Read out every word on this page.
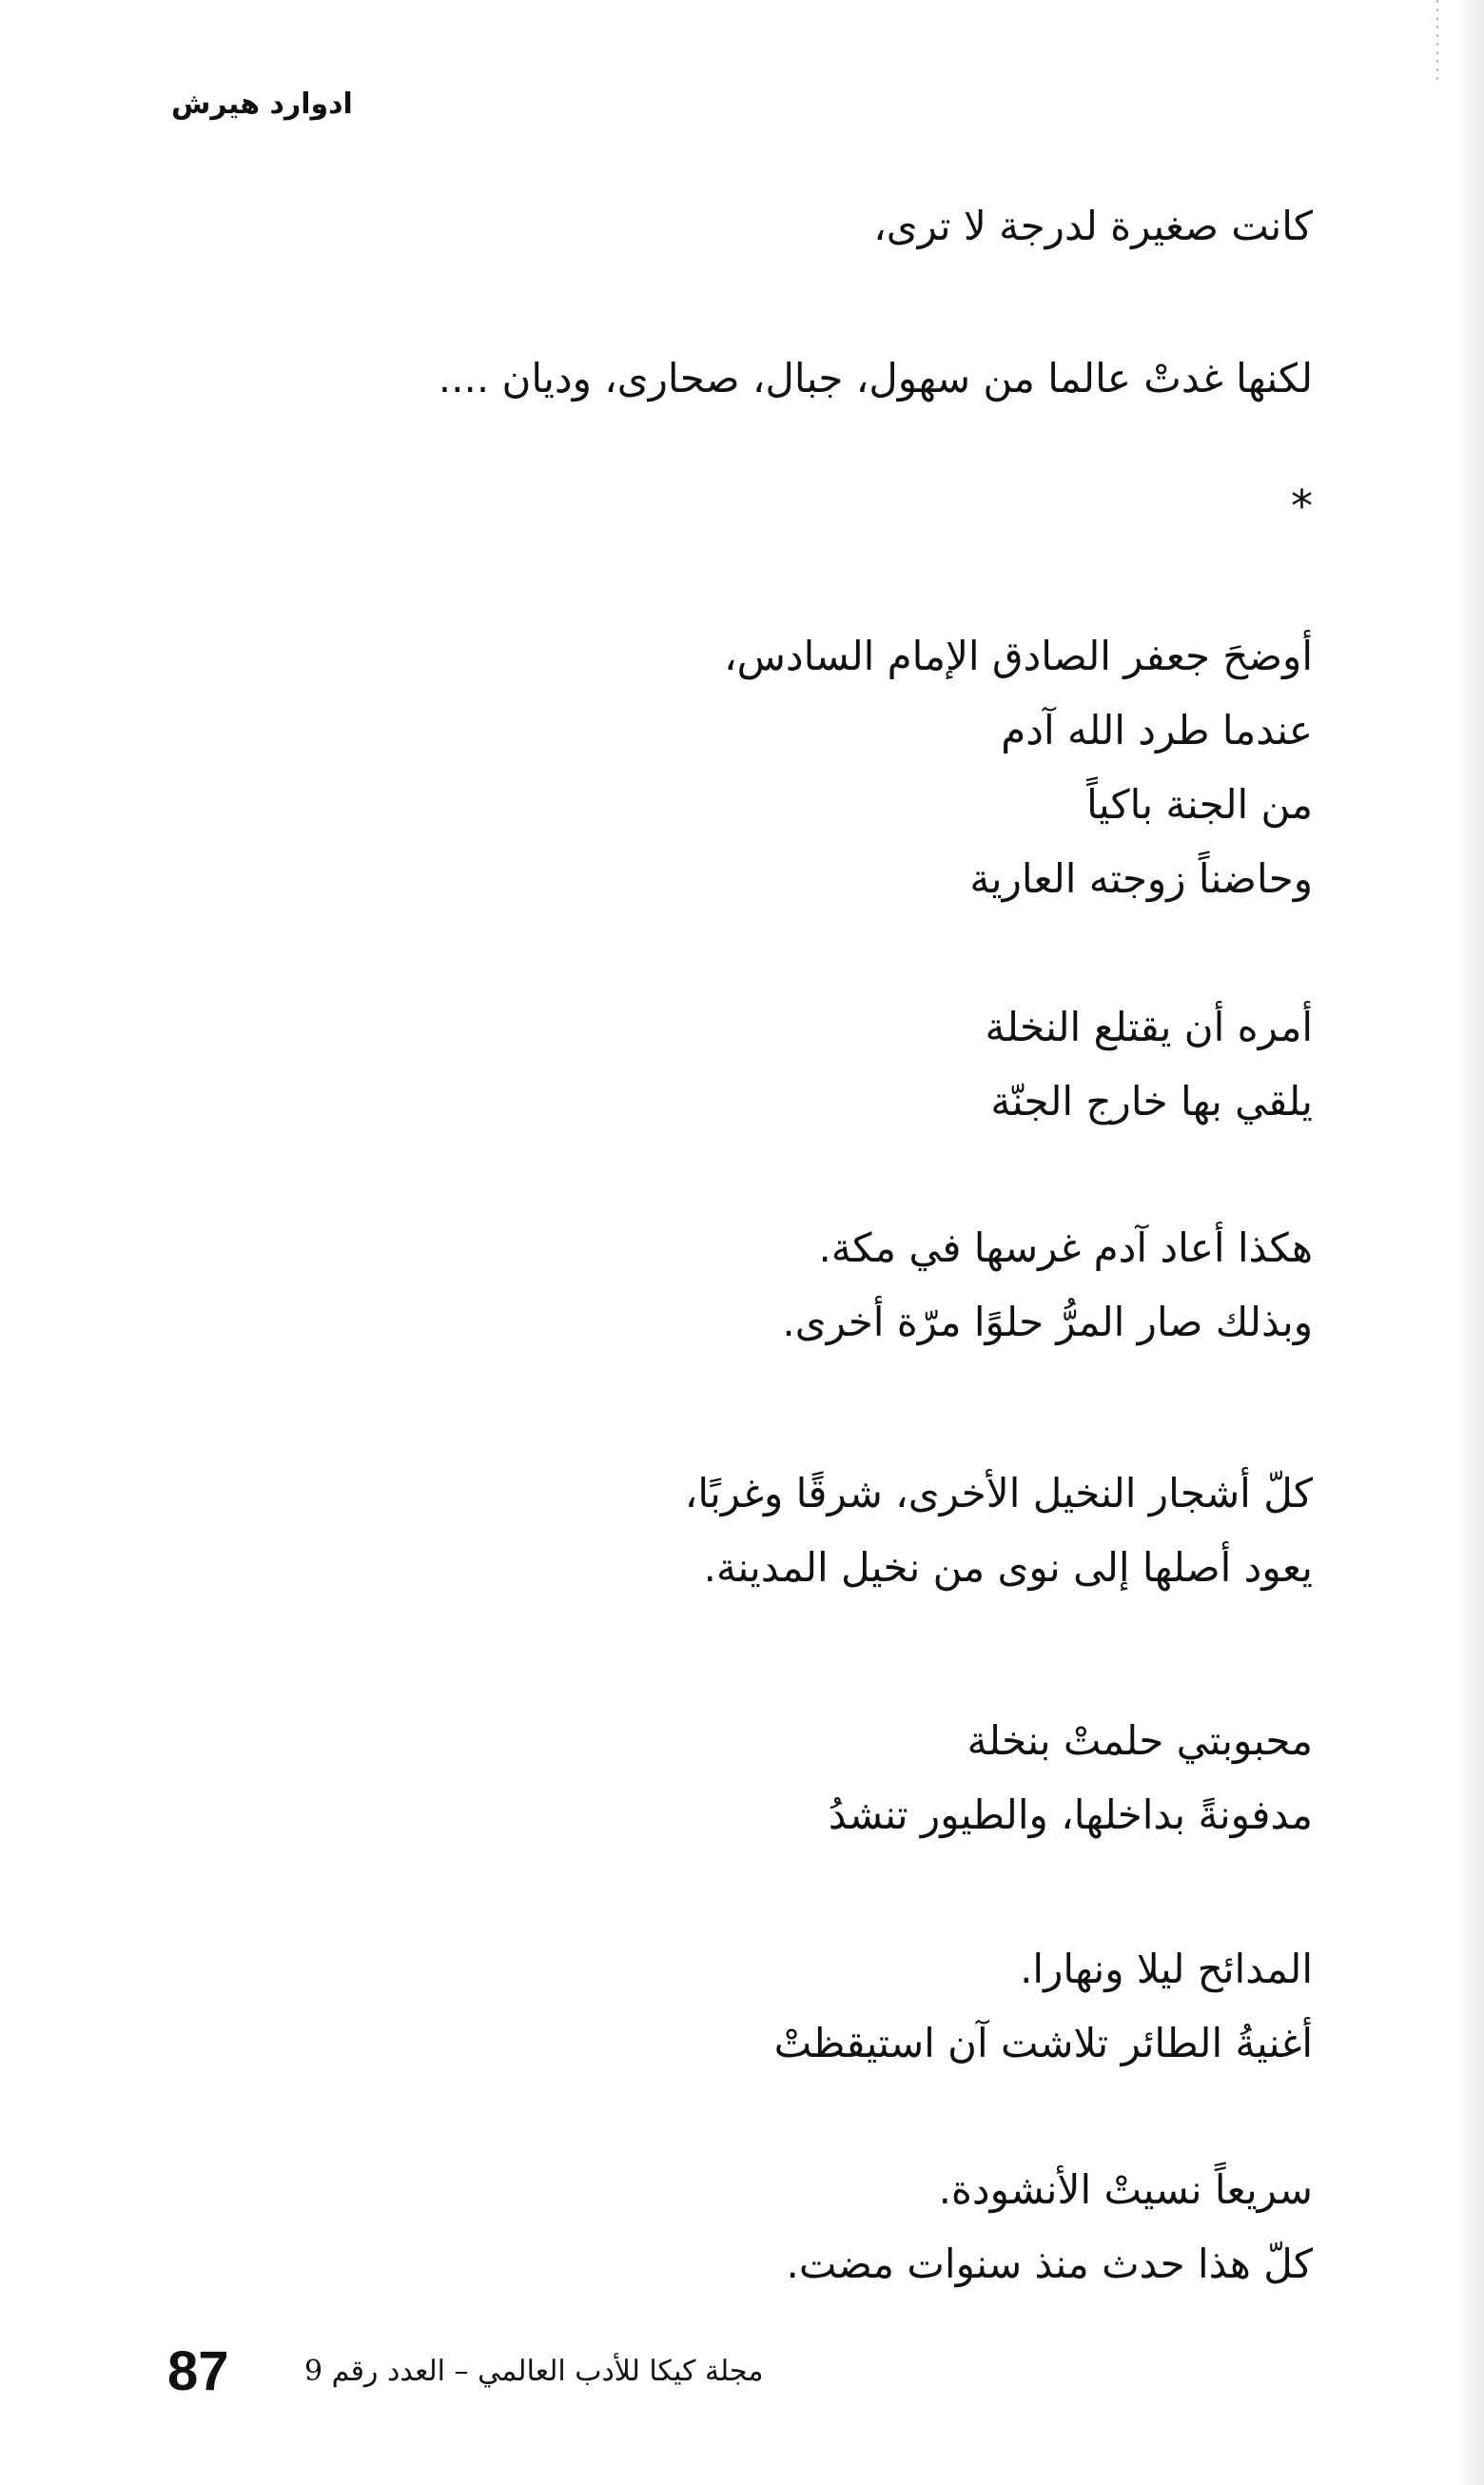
ادوارد هيرش
كانت صغيرة لدرجة لا ترى،
لكنها غدتْ عالما من سهول، جبال، صحارى، وديان ....
*
أوضحَ جعفر الصادق الإمام السادس،
عندما طرد الله آدم
من الجنة باكياً
وحاضناً زوجته العارية
أمره أن يقتلع النخلة
يلقي بها خارج الجنّة
هكذا أعاد آدم غرسها في مكة.
وبذلك صار المرُّ حلوًا مرّة أخرى.
كلّ أشجار النخيل الأخرى، شرقًا وغربًا،
يعود أصلها إلى نوى من نخيل المدينة.
محبوبتي حلمتْ بنخلة
مدفونةً بداخلها، والطيور تنشدُ
المدائح ليلا ونهارا.
أغنيةُ الطائر تلاشت آن استيقظتْ
سريعاً نسيتْ الأنشودة.
كلّ هذا حدث منذ سنوات مضت.
87	مجلة كيكا للأدب العالمي – العدد رقم 9
